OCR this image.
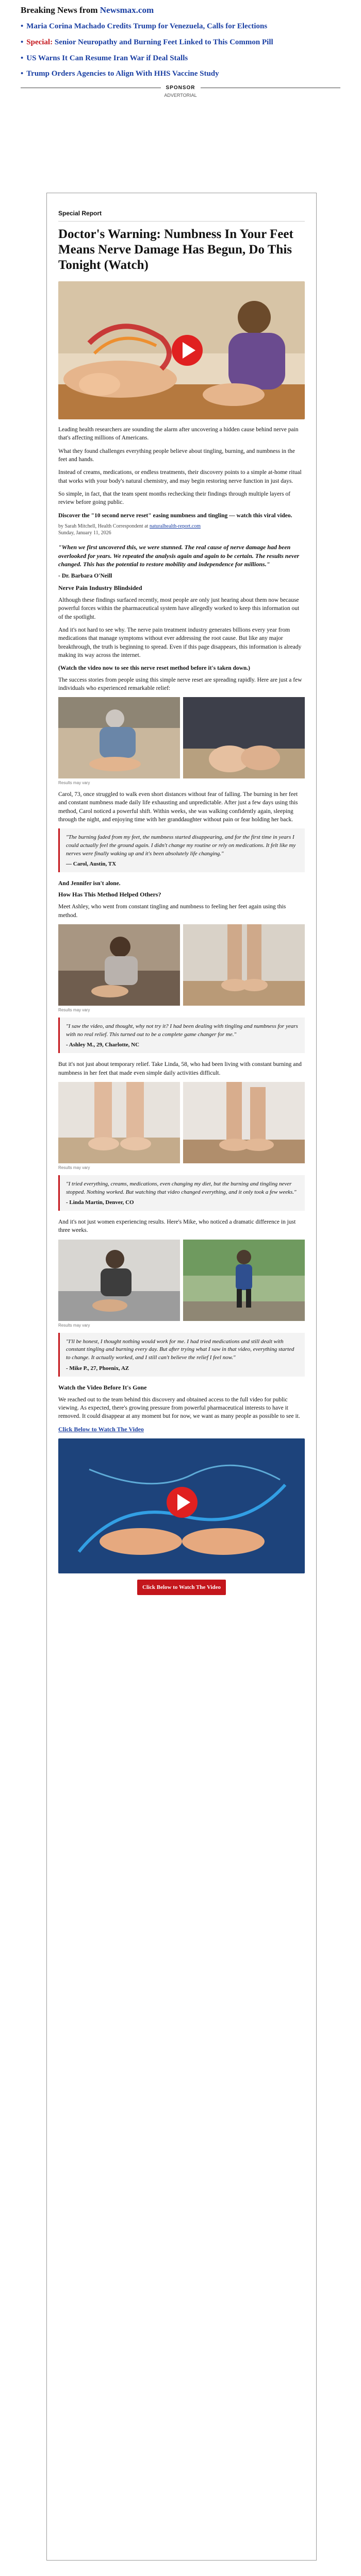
Breaking News from Newsmax.com
• Maria Corina Machado Credits Trump for Venezuela, Calls for Elections
• Special: Senior Neuropathy and Burning Feet Linked to This Common Pill
• US Warns It Can Resume Iran War if Deal Stalls
• Trump Orders Agencies to Align With HHS Vaccine Study
SPONSOR
ADVERTORIAL
Special Report
Doctor's Warning: Numbness In Your Feet Means Nerve Damage Has Begun, Do This Tonight (Watch)

Leading health researchers are sounding the alarm after uncovering a hidden cause behind nerve pain that's affecting millions of Americans.

What they found challenges everything people believe about tingling, burning, and numbness in the feet and hands.

Instead of creams, medications, or endless treatments, their discovery points to a simple at-home ritual that works with your body's natural chemistry, and may begin restoring nerve function in just days.

So simple, in fact, that the team spent months rechecking their findings through multiple layers of review before going public.

Discover the "10 second nerve reset" easing numbness and tingling — watch this viral video.

by Sarah Mitchell, Health Correspondent at naturalhealth-report.com
Sunday, January 11, 2026

"When we first uncovered this, we were stunned. The real cause of nerve damage had been overlooked for years. We repeated the analysis again and again to be certain. The results never changed. This has the potential to restore mobility and independence for millions."

- Dr. Barbara O'Neill

Nerve Pain Industry Blindsided

Although these findings surfaced recently, most people are only just hearing about them now because powerful forces within the pharmaceutical system have allegedly worked to keep this information out of the spotlight.

And it's not hard to see why. The nerve pain treatment industry generates billions every year from medications that manage symptoms without ever addressing the root cause. But like any major breakthrough, the truth is beginning to spread. Even if this page disappears, this information is already making its way across the internet.

(Watch the video now to see this nerve reset method before it's taken down.)

The success stories from people using this simple nerve reset are spreading rapidly. Here are just a few individuals who experienced remarkable relief:

Results may vary

Carol, 73, once struggled to walk even short distances without fear of falling. The burning in her feet and constant numbness made daily life exhausting and unpredictable. After just a few days using this method, Carol noticed a powerful shift. Within weeks, she was walking confidently again, sleeping through the night, and enjoying time with her granddaughter without pain or fear holding her back.

"The burning faded from my feet, the numbness started disappearing, and for the first time in years I could actually feel the ground again. I didn't change my routine or rely on medications. It felt like my nerves were finally waking up and it's been absolutely life changing."

— Carol, Austin, TX

And Jennifer isn't alone.

How Has This Method Helped Others?

Meet Ashley, who went from constant tingling and numbness to feeling her feet again using this method.

Results may vary

"I saw the video, and thought, why not try it? I had been dealing with tingling and numbness for years with no real relief. This turned out to be a complete game changer for me."

- Ashley M., 29, Charlotte, NC

But it's not just about temporary relief. Take Linda, 58, who had been living with constant burning and numbness in her feet that made even simple daily activities difficult.

Results may vary

"I tried everything, creams, medications, even changing my diet, but the burning and tingling never stopped. Nothing worked. But watching that video changed everything, and it only took a few weeks."

- Linda Martin, Denver, CO

And it's not just women experiencing results. Here's Mike, who noticed a dramatic difference in just three weeks.

Results may vary

"I'll be honest, I thought nothing would work for me. I had tried medications and still dealt with constant tingling and burning every day. But after trying what I saw in that video, everything started to change. It actually worked, and I still can't believe the relief I feel now."

- Mike P., 27, Phoenix, AZ

Watch the Video Before It's Gone

We reached out to the team behind this discovery and obtained access to the full video for public viewing. As expected, there's growing pressure from powerful pharmaceutical interests to have it removed. It could disappear at any moment but for now, we want as many people as possible to see it.

Click Below to Watch The Video
Click Below to Watch The Video
